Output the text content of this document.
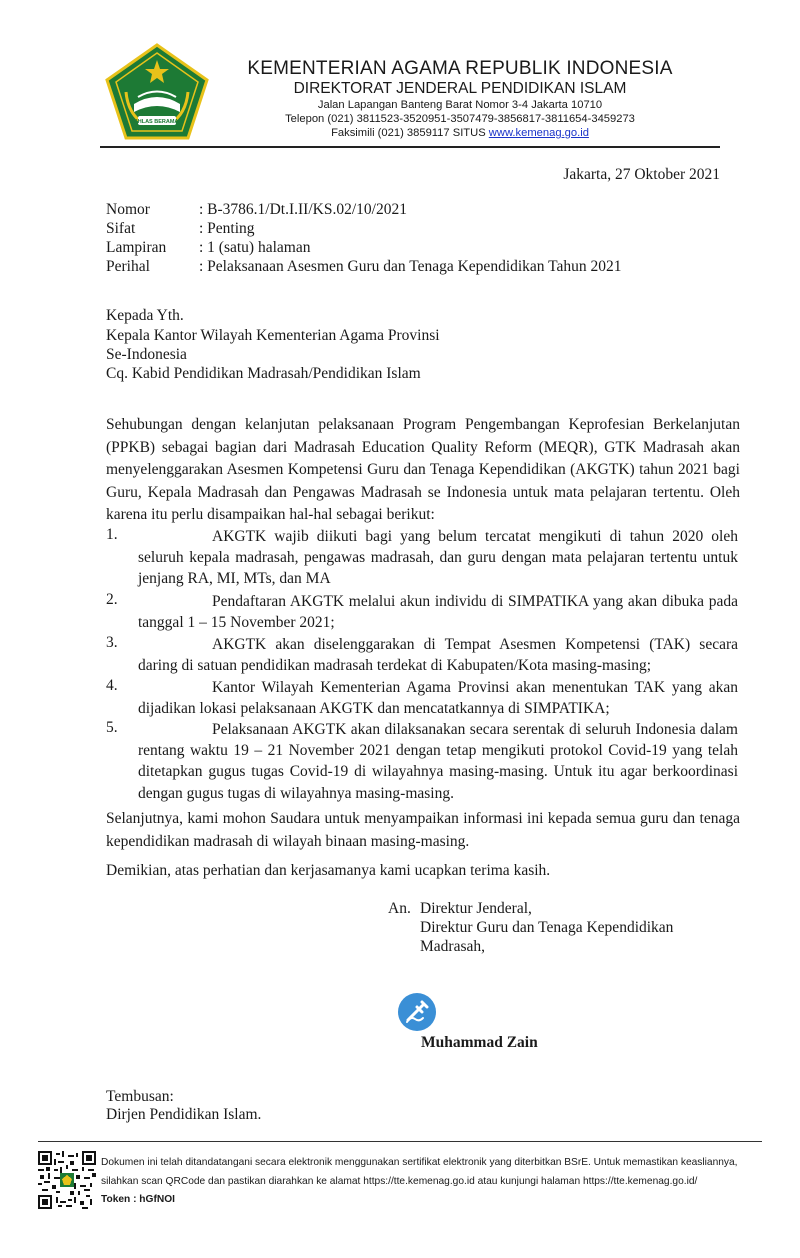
IKHLAS BERAMAL
KEMENTERIAN AGAMA REPUBLIK INDONESIA
DIREKTORAT JENDERAL PENDIDIKAN ISLAM
Jalan Lapangan Banteng Barat Nomor 3-4 Jakarta 10710
Telepon (021) 3811523-3520951-3507479-3856817-3811654-3459273
Faksimili (021) 3859117 SITUS www.kemenag.go.id
Jakarta, 27 Oktober 2021
Nomor	: B-3786.1/Dt.I.II/KS.02/10/2021
Sifat	: Penting
Lampiran : 1 (satu) halaman
Perihal	: Pelaksanaan Asesmen Guru dan Tenaga Kependidikan Tahun 2021
Kepada Yth.
Kepala Kantor Wilayah Kementerian Agama Provinsi
Se-Indonesia
Cq. Kabid Pendidikan Madrasah/Pendidikan Islam
Sehubungan dengan kelanjutan pelaksanaan Program Pengembangan Keprofesian Berkelanjutan (PPKB) sebagai bagian dari Madrasah Education Quality Reform (MEQR), GTK Madrasah akan menyelenggarakan Asesmen Kompetensi Guru dan Tenaga Kependidikan (AKGTK) tahun 2021 bagi Guru, Kepala Madrasah dan Pengawas Madrasah se Indonesia untuk mata pelajaran tertentu. Oleh karena itu perlu disampaikan hal-hal sebagai berikut:
1.	AKGTK wajib diikuti bagi yang belum tercatat mengikuti di tahun 2020 oleh seluruh kepala madrasah, pengawas madrasah, dan guru dengan mata pelajaran tertentu untuk jenjang RA, MI, MTs, dan MA
2.	Pendaftaran AKGTK melalui akun individu di SIMPATIKA yang akan dibuka pada tanggal 1 – 15 November 2021;
3.	AKGTK akan diselenggarakan di Tempat Asesmen Kompetensi (TAK) secara daring di satuan pendidikan madrasah terdekat di Kabupaten/Kota masing-masing;
4.	Kantor Wilayah Kementerian Agama Provinsi akan menentukan TAK yang akan dijadikan lokasi pelaksanaan AKGTK dan mencatatkannya di SIMPATIKA;
5.	Pelaksanaan AKGTK akan dilaksanakan secara serentak di seluruh Indonesia dalam rentang waktu 19 – 21 November 2021 dengan tetap mengikuti protokol Covid-19 yang telah ditetapkan gugus tugas Covid-19 di wilayahnya masing-masing. Untuk itu agar berkoordinasi dengan gugus tugas di wilayahnya masing-masing.
Selanjutnya, kami mohon Saudara untuk menyampaikan informasi ini kepada semua guru dan tenaga kependidikan madrasah di wilayah binaan masing-masing.
Demikian, atas perhatian dan kerjasamanya kami ucapkan terima kasih.
An. Direktur Jenderal,
Direktur Guru dan Tenaga Kependidikan
Madrasah,
Muhammad Zain
Tembusan:
Dirjen Pendidikan Islam.
Dokumen ini telah ditandatangani secara elektronik menggunakan sertifikat elektronik yang diterbitkan BSrE. Untuk memastikan keasliannya,
silahkan scan QRCode dan pastikan diarahkan ke alamat https://tte.kemenag.go.id atau kunjungi halaman https://tte.kemenag.go.id/
Token : hGfNOI
